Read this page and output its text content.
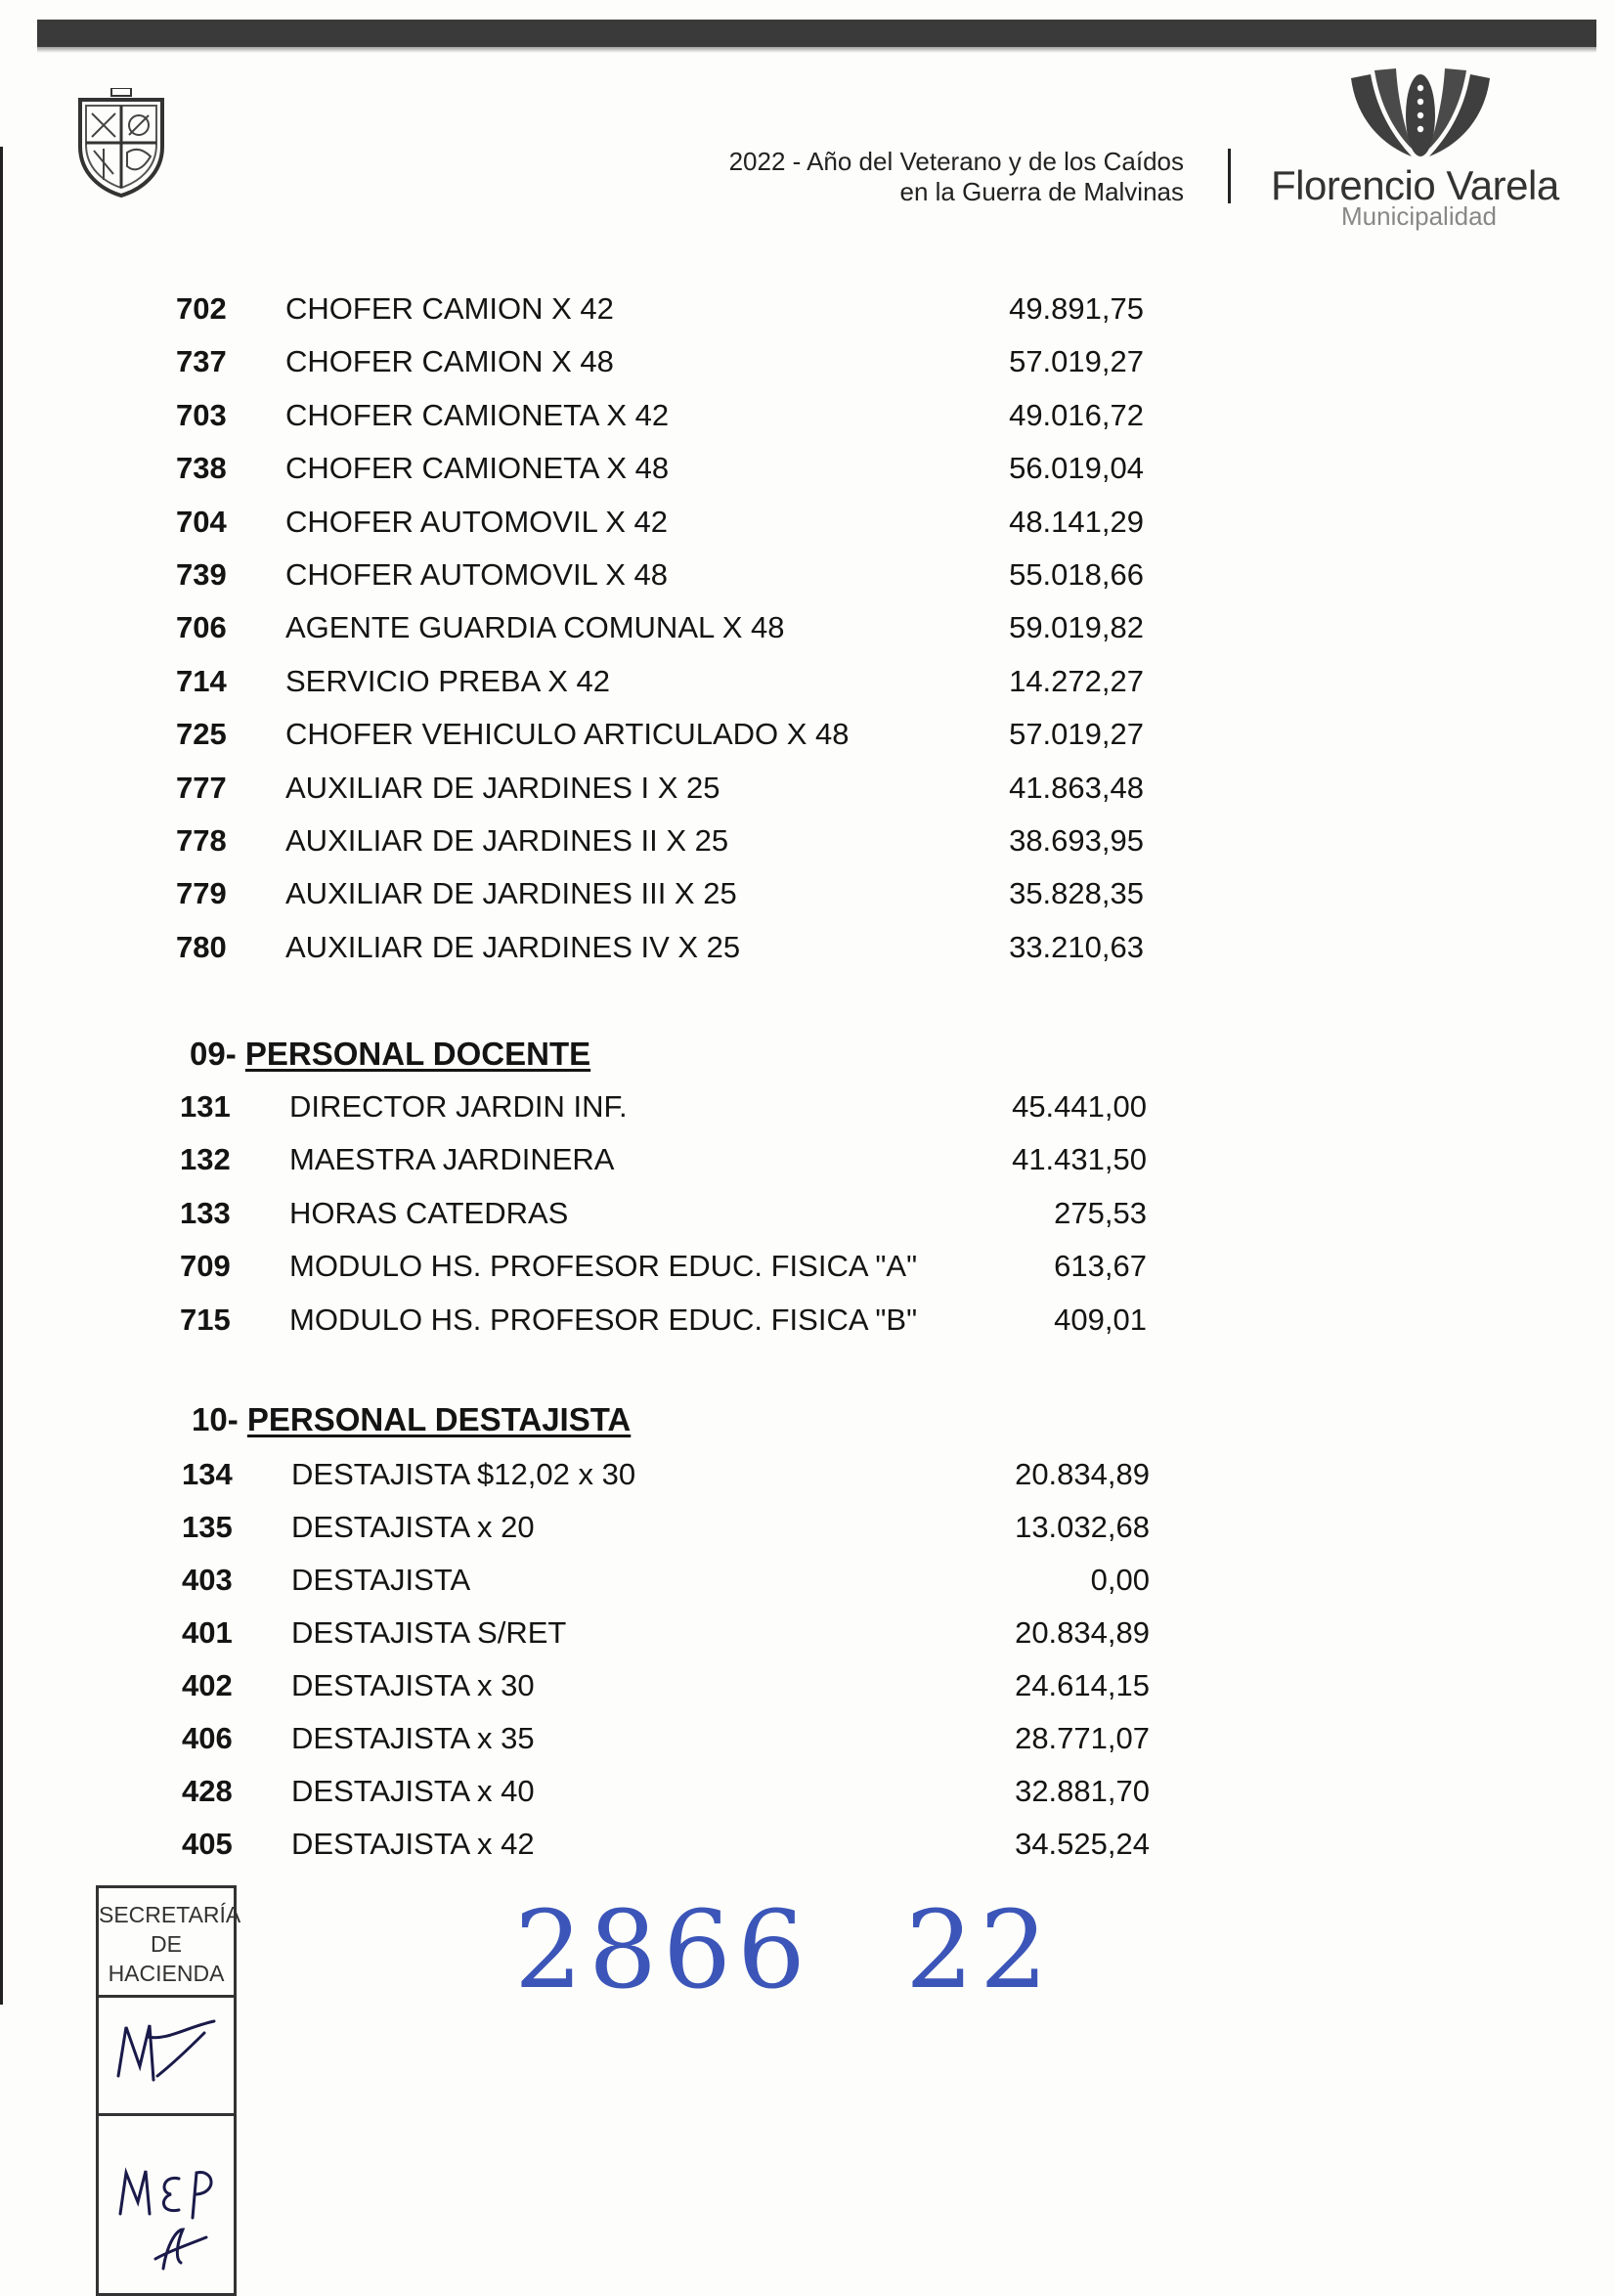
2022 - Año del Veterano y de los Caídos
en la Guerra de Malvinas Florencio Varela
Municipalidad
702 CHOFER CAMION X 42	49.891,75
737 CHOFER CAMION X 48	57.019,27
703 CHOFER CAMIONETA X 42	49.016,72
738 CHOFER CAMIONETA X 48	56.019,04
704 CHOFER AUTOMOVIL X 42	48.141,29
739 CHOFER AUTOMOVIL X 48	55.018,66
706 AGENTE GUARDIA COMUNAL X 48	59.019,82
714 SERVICIO PREBA X 42	14.272,27
725 CHOFER VEHICULO ARTICULADO X 48	57.019,27
777 AUXILIAR DE JARDINES I X 25	41.863,48
778 AUXILIAR DE JARDINES II X 25	38.693,95
779 AUXILIAR DE JARDINES III X 25	35.828,35
780 AUXILIAR DE JARDINES IV X 25	33.210,63
09- PERSONAL DOCENTE
131 DIRECTOR JARDIN INF.	45.441,00
132 MAESTRA JARDINERA	41.431,50
133 HORAS CATEDRAS	275,53
709 MODULO HS. PROFESOR EDUC. FISICA "A"	613,67
715 MODULO HS. PROFESOR EDUC. FISICA "B"	409,01
10- PERSONAL DESTAJISTA
134 DESTAJISTA $12,02 x 30	20.834,89
135 DESTAJISTA x 20	13.032,68
403 DESTAJISTA	0,00
401 DESTAJISTA S/RET	20.834,89
402 DESTAJISTA x 30	24.614,15
406 DESTAJISTA x 35	28.771,07
428 DESTAJISTA x 40	32.881,70
405 DESTAJISTA x 42	34.525,24
SECRETARÍA
DE
HACIENDA	2866 22
